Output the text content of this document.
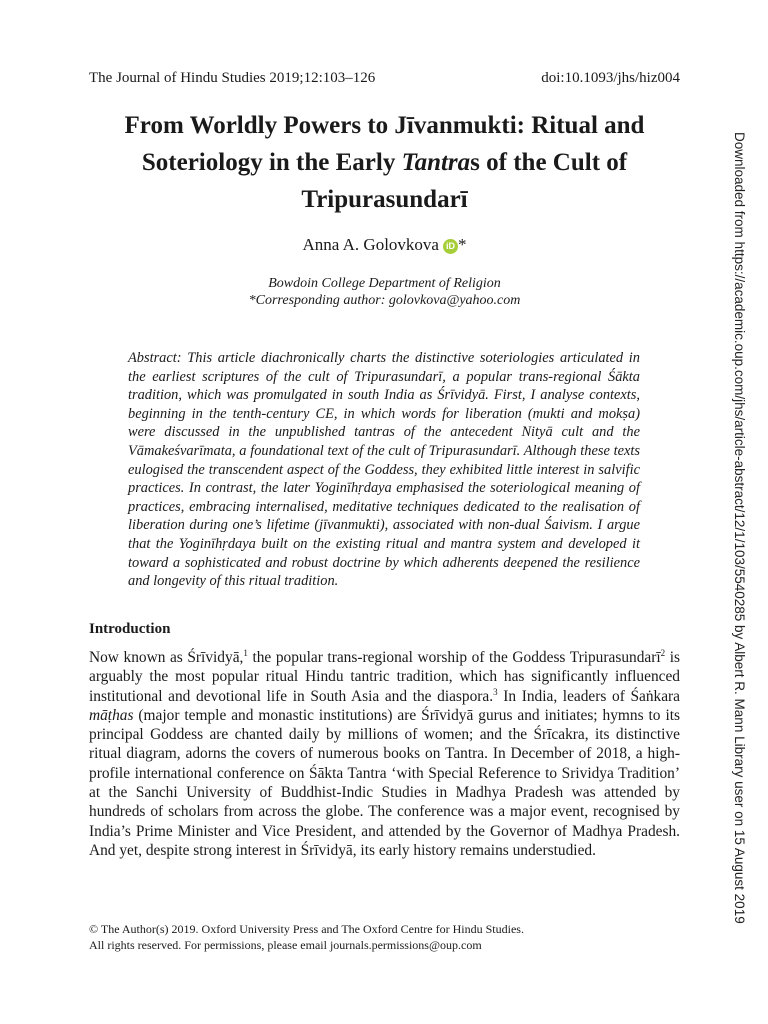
The Journal of Hindu Studies 2019;12:103–126	doi:10.1093/jhs/hiz004
From Worldly Powers to Jīvanmukti: Ritual and
Soteriology in the Early Tantras of the Cult of
Tripurasundarī
Anna A. Golovkova iD *
Bowdoin College Department of Religion
*Corresponding author: golovkova@yahoo.com

Abstract: This article diachronically charts the distinctive soteriologies articulated in the earliest scriptures of the cult of Tripurasundarī, a popular trans-regional Śākta tradition, which was promulgated in south India as Śrīvidyā. First, I analyse contexts, beginning in the tenth-century CE, in which words for liberation (mukti and mokṣa) were discussed in the unpublished tantras of the antecedent Nityā cult and the Vāmakeśvarīmata, a foundational text of the cult of Tripurasundarī. Although these texts eulogised the transcendent aspect of the Goddess, they exhibited little interest in salvific practices. In contrast, the later Yoginīhṛdaya emphasised the soteriological meaning of practices, embracing internalised, meditative techniques dedicated to the realisation of liberation during one’s lifetime (jīvanmukti), associated with non-dual Śaivism. I argue that the Yoginīhṛdaya built on the existing ritual and mantra system and developed it toward a sophisticated and robust doctrine by which adherents deepened the resilience and longevity of this ritual tradition.

Introduction

Now known as Śrīvidyā,$^1$ the popular trans-regional worship of the Goddess Tripurasundarī$^2$ is arguably the most popular ritual Hindu tantric tradition, which has significantly influenced institutional and devotional life in South Asia and the diaspora.$^3$ In India, leaders of Śaṅkara māṭhas (major temple and monastic institutions) are Śrīvidyā gurus and initiates; hymns to its principal Goddess are chanted daily by millions of women; and the Śrīcakra, its distinctive ritual diagram, adorns the covers of numerous books on Tantra. In December of 2018, a high-profile international conference on Śākta Tantra ‘with Special Reference to Srividya Tradition’ at the Sanchi University of Buddhist-Indic Studies in Madhya Pradesh was attended by hundreds of scholars from across the globe. The conference was a major event, recognised by India’s Prime Minister and Vice President, and attended by the Governor of Madhya Pradesh. And yet, despite strong interest in Śrīvidyā, its early history remains understudied.

© The Author(s) 2019. Oxford University Press and The Oxford Centre for Hindu Studies.
All rights reserved. For permissions, please email journals.permissions@oup.com
Downloaded from https://academic.oup.com/jhs/article-abstract/12/1/103/5540285 by Albert R. Mann Library user on 15 August 2019
